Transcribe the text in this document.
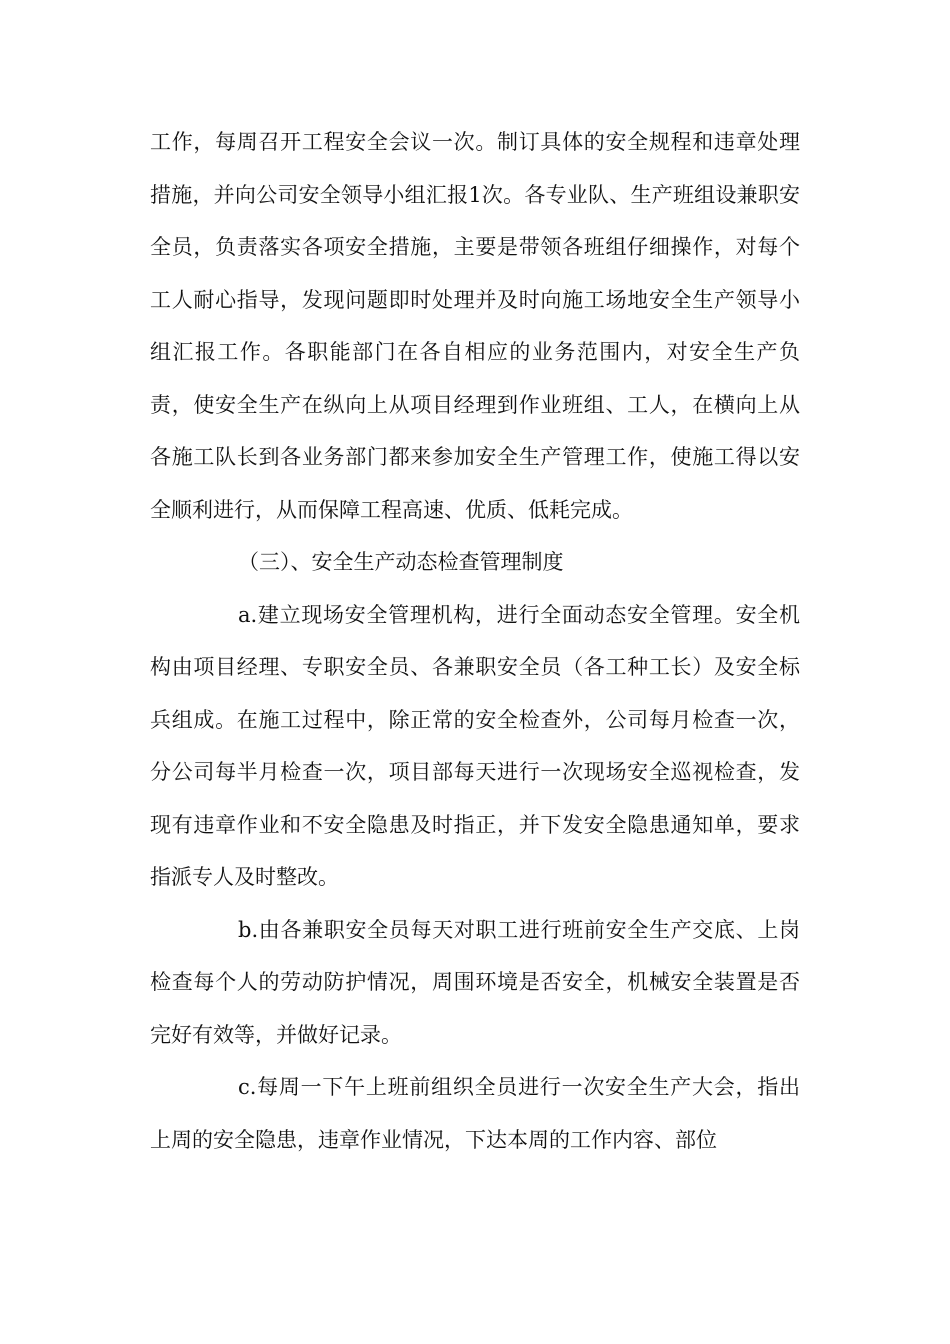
工作，每周召开工程安全会议一次。制订具体的安全规程和违章处理措施，并向公司安全领导小组汇报1次。各专业队、生产班组设兼职安全员，负责落实各项安全措施，主要是带领各班组仔细操作，对每个工人耐心指导，发现问题即时处理并及时向施工场地安全生产领导小组汇报工作。各职能部门在各自相应的业务范围内，对安全生产负责，使安全生产在纵向上从项目经理到作业班组、工人，在横向上从各施工队长到各业务部门都来参加安全生产管理工作，使施工得以安全顺利进行，从而保障工程高速、优质、低耗完成。

（三）、安全生产动态检查管理制度

a.建立现场安全管理机构，进行全面动态安全管理。安全机构由项目经理、专职安全员、各兼职安全员（各工种工长）及安全标兵组成。在施工过程中，除正常的安全检查外，公司每月检查一次，分公司每半月检查一次，项目部每天进行一次现场安全巡视检查，发现有违章作业和不安全隐患及时指正，并下发安全隐患通知单，要求指派专人及时整改。

b.由各兼职安全员每天对职工进行班前安全生产交底、上岗检查每个人的劳动防护情况，周围环境是否安全，机械安全装置是否完好有效等，并做好记录。

c.每周一下午上班前组织全员进行一次安全生产大会，指出上周的安全隐患，违章作业情况，下达本周的工作内容、部位
